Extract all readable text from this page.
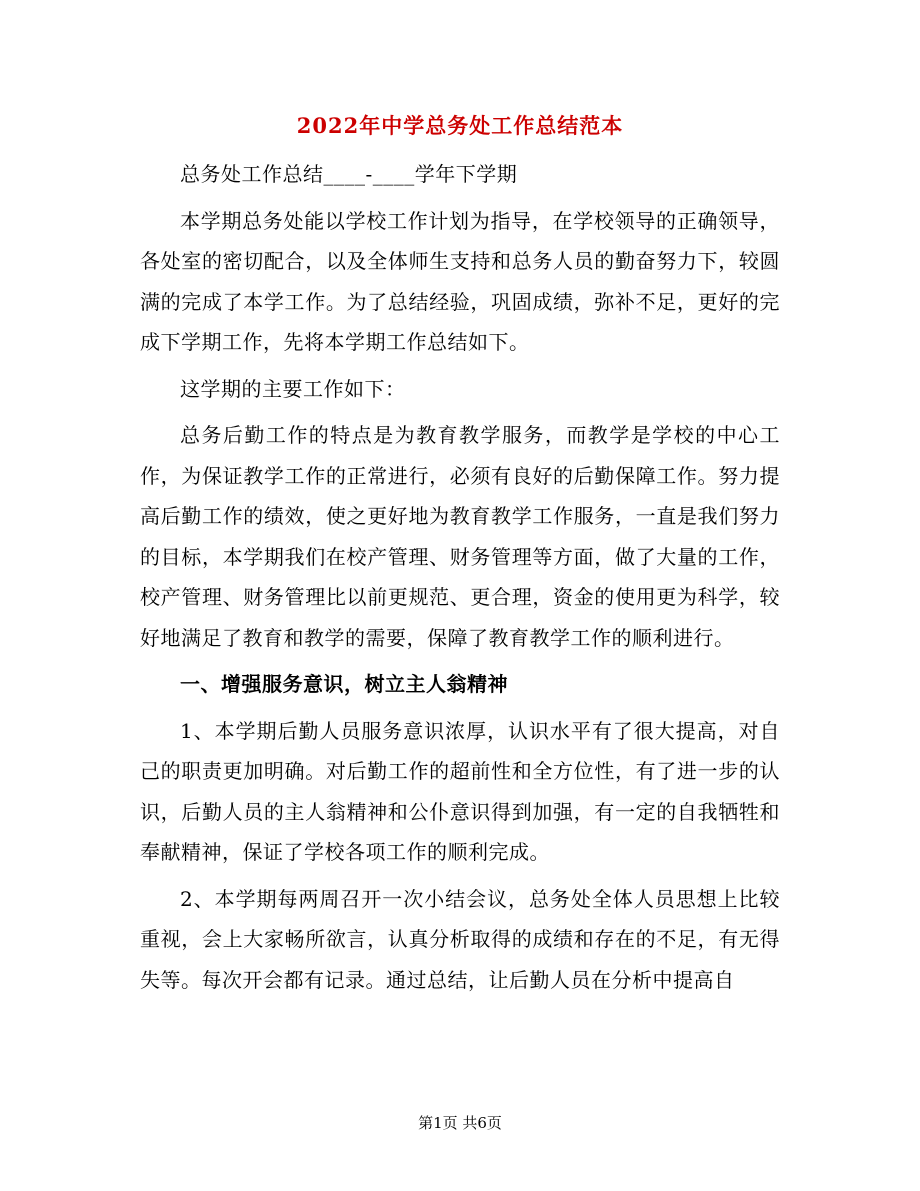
2022年中学总务处工作总结范本

总务处工作总结____-____学年下学期

本学期总务处能以学校工作计划为指导，在学校领导的正确领导，各处室的密切配合，以及全体师生支持和总务人员的勤奋努力下，较圆满的完成了本学工作。为了总结经验，巩固成绩，弥补不足，更好的完成下学期工作，先将本学期工作总结如下。

这学期的主要工作如下：

总务后勤工作的特点是为教育教学服务，而教学是学校的中心工作，为保证教学工作的正常进行，必须有良好的后勤保障工作。努力提高后勤工作的绩效，使之更好地为教育教学工作服务，一直是我们努力的目标，本学期我们在校产管理、财务管理等方面，做了大量的工作，校产管理、财务管理比以前更规范、更合理，资金的使用更为科学，较好地满足了教育和教学的需要，保障了教育教学工作的顺利进行。

一、增强服务意识，树立主人翁精神

1、本学期后勤人员服务意识浓厚，认识水平有了很大提高，对自己的职责更加明确。对后勤工作的超前性和全方位性，有了进一步的认识，后勤人员的主人翁精神和公仆意识得到加强，有一定的自我牺牲和奉献精神，保证了学校各项工作的顺利完成。

2、本学期每两周召开一次小结会议，总务处全体人员思想上比较重视，会上大家畅所欲言，认真分析取得的成绩和存在的不足，有无得失等。每次开会都有记录。通过总结，让后勤人员在分析中提高自

第1页 共6页
